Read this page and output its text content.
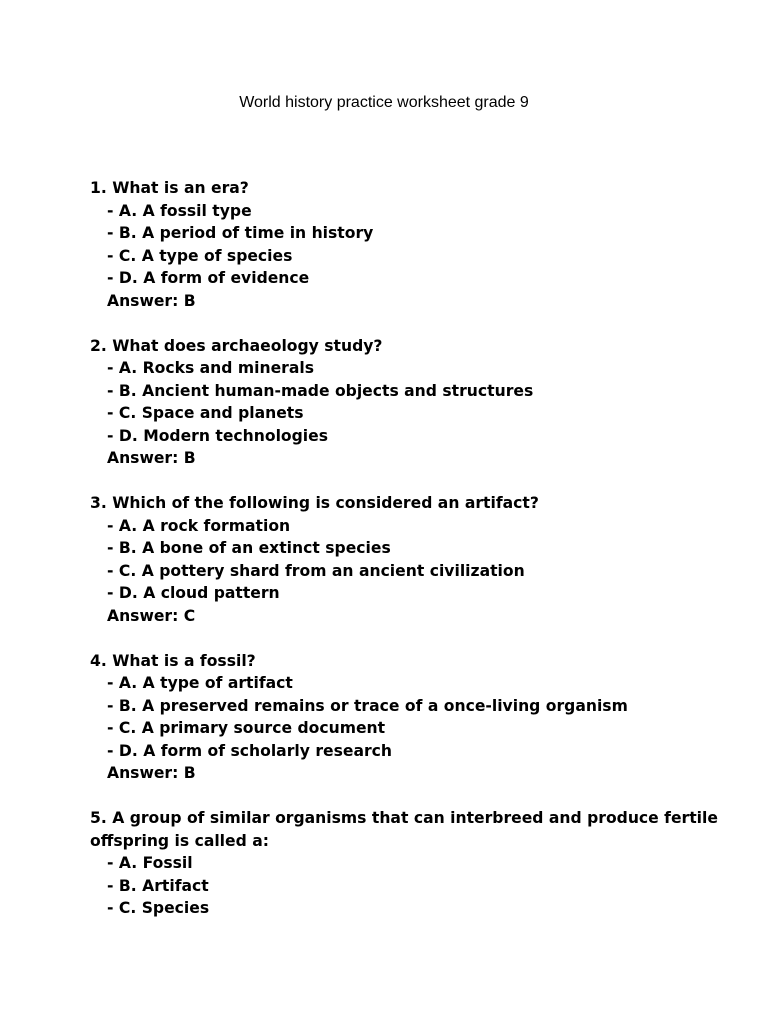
World history practice worksheet grade 9
1. What is an era?
- A. A fossil type
- B. A period of time in history
- C. A type of species
- D. A form of evidence
Answer: B
2. What does archaeology study?
- A. Rocks and minerals
- B. Ancient human-made objects and structures
- C. Space and planets
- D. Modern technologies
Answer: B
3. Which of the following is considered an artifact?
- A. A rock formation
- B. A bone of an extinct species
- C. A pottery shard from an ancient civilization
- D. A cloud pattern
Answer: C
4. What is a fossil?
- A. A type of artifact
- B. A preserved remains or trace of a once-living organism
- C. A primary source document
- D. A form of scholarly research
Answer: B
5. A group of similar organisms that can interbreed and produce fertile offspring is called a:
- A. Fossil
- B. Artifact
- C. Species
